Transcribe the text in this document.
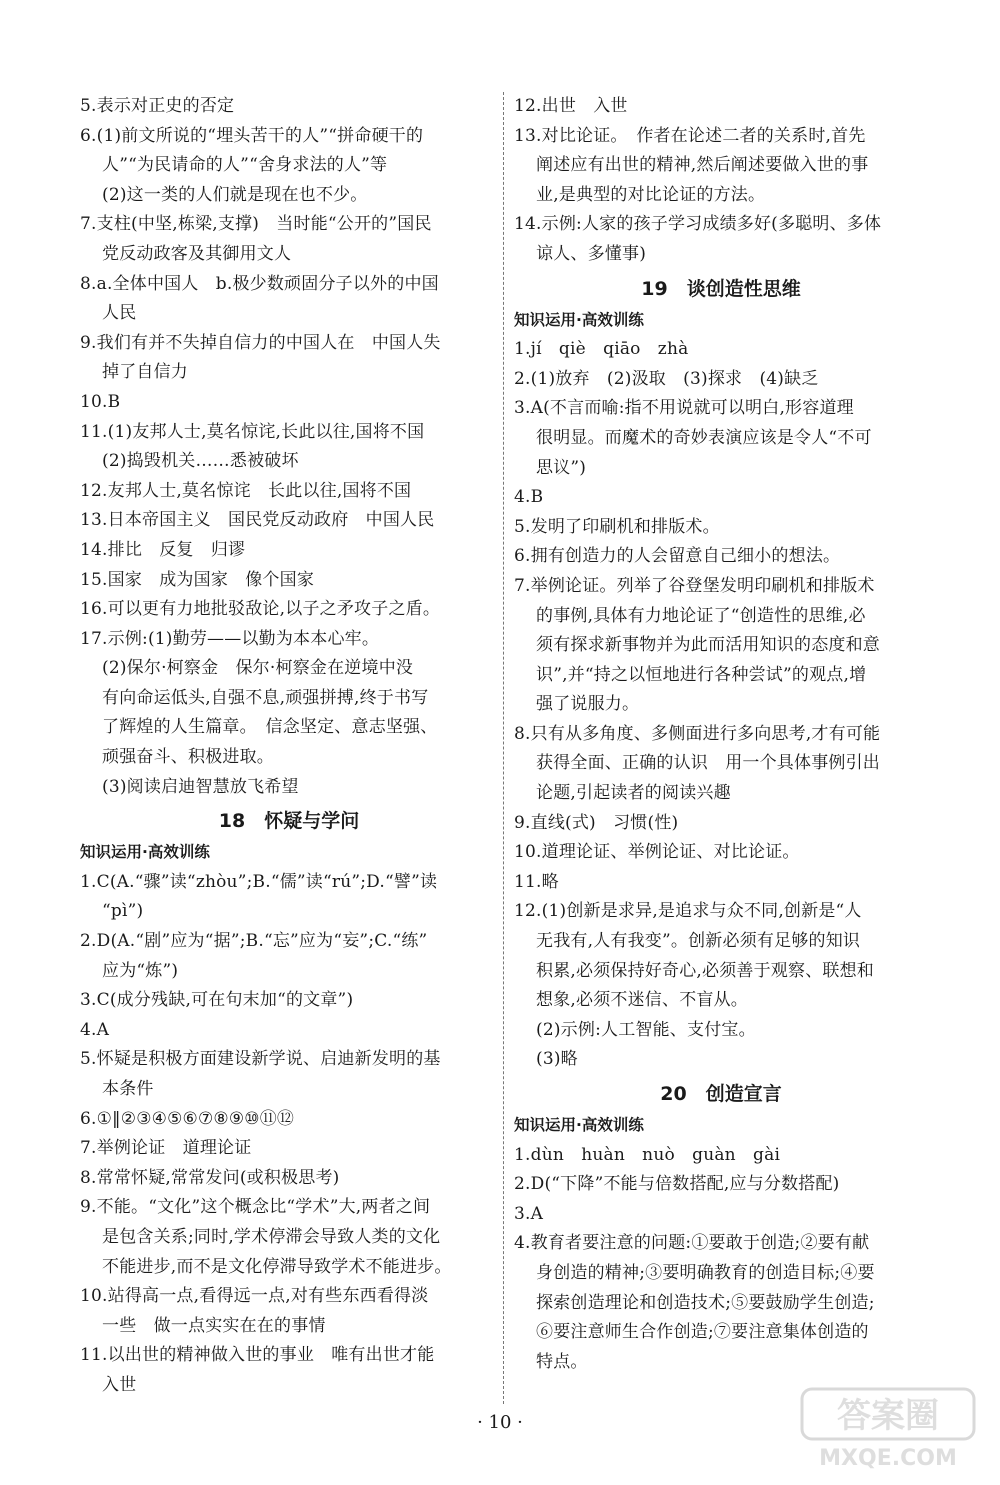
5.表示对正史的否定
6.(1)前文所说的“埋头苦干的人”“拼命硬干的
人”“为民请命的人”“舍身求法的人”等
(2)这一类的人们就是现在也不少。
7.支柱(中坚,栋梁,支撑)　当时能“公开的”国民
党反动政客及其御用文人
8.a.全体中国人　b.极少数顽固分子以外的中国
人民
9.我们有并不失掉自信力的中国人在　中国人失
掉了自信力
10.B
11.(1)友邦人士,莫名惊诧,长此以往,国将不国
(2)捣毁机关……悉被破坏
12.友邦人士,莫名惊诧　长此以往,国将不国
13.日本帝国主义　国民党反动政府　中国人民
14.排比　反复　归谬
15.国家　成为国家　像个国家
16.可以更有力地批驳敌论,以子之矛攻子之盾。
17.示例:(1)勤劳——以勤为本本心牢。
(2)保尔·柯察金　保尔·柯察金在逆境中没
有向命运低头,自强不息,顽强拼搏,终于书写
了辉煌的人生篇章。　信念坚定、意志坚强、
顽强奋斗、积极进取。
(3)阅读启迪智慧放飞希望
18　怀疑与学问
知识运用·高效训练
1.C(A.“骤”读“zhòu”;B.“儒”读“rú”;D.“譬”读
“pì”)
2.D(A.“剧”应为“据”;B.“忘”应为“妄”;C.“练”
应为“炼”)
3.C(成分残缺,可在句末加“的文章”)
4.A
5.怀疑是积极方面建设新学说、启迪新发明的基
本条件
6.①‖②③④⑤⑥⑦⑧⑨⑩⑪⑫
7.举例论证　道理论证
8.常常怀疑,常常发问(或积极思考)
9.不能。“文化”这个概念比“学术”大,两者之间
是包含关系;同时,学术停滞会导致人类的文化
不能进步,而不是文化停滞导致学术不能进步。
10.站得高一点,看得远一点,对有些东西看得淡
一些　做一点实实在在的事情
11.以出世的精神做入世的事业　唯有出世才能
入世
12.出世　入世
13.对比论证。　作者在论述二者的关系时,首先
阐述应有出世的精神,然后阐述要做入世的事
业,是典型的对比论证的方法。
14.示例:人家的孩子学习成绩多好(多聪明、多体
谅人、多懂事)
19　谈创造性思维
知识运用·高效训练
1.jí　qiè　qiāo　zhà
2.(1)放弃　(2)汲取　(3)探求　(4)缺乏
3.A(不言而喻:指不用说就可以明白,形容道理
很明显。而魔术的奇妙表演应该是令人“不可
思议”)
4.B
5.发明了印刷机和排版术。
6.拥有创造力的人会留意自己细小的想法。
7.举例论证。列举了谷登堡发明印刷机和排版术
的事例,具体有力地论证了“创造性的思维,必
须有探求新事物并为此而活用知识的态度和意
识”,并“持之以恒地进行各种尝试”的观点,增
强了说服力。
8.只有从多角度、多侧面进行多向思考,才有可能
获得全面、正确的认识　用一个具体事例引出
论题,引起读者的阅读兴趣
9.直线(式)　习惯(性)
10.道理论证、举例论证、对比论证。
11.略
12.(1)创新是求异,是追求与众不同,创新是“人
无我有,人有我变”。创新必须有足够的知识
积累,必须保持好奇心,必须善于观察、联想和
想象,必须不迷信、不盲从。
(2)示例:人工智能、支付宝。
(3)略
20　创造宣言
知识运用·高效训练
1.dùn　huàn　nuò　guàn　gài
2.D(“下降”不能与倍数搭配,应与分数搭配)
3.A
4.教育者要注意的问题:①要敢于创造;②要有献
身创造的精神;③要明确教育的创造目标;④要
探索创造理论和创造技术;⑤要鼓励学生创造;
⑥要注意师生合作创造;⑦要注意集体创造的
特点。
· 10 ·	答案圈
MXQE.COM
